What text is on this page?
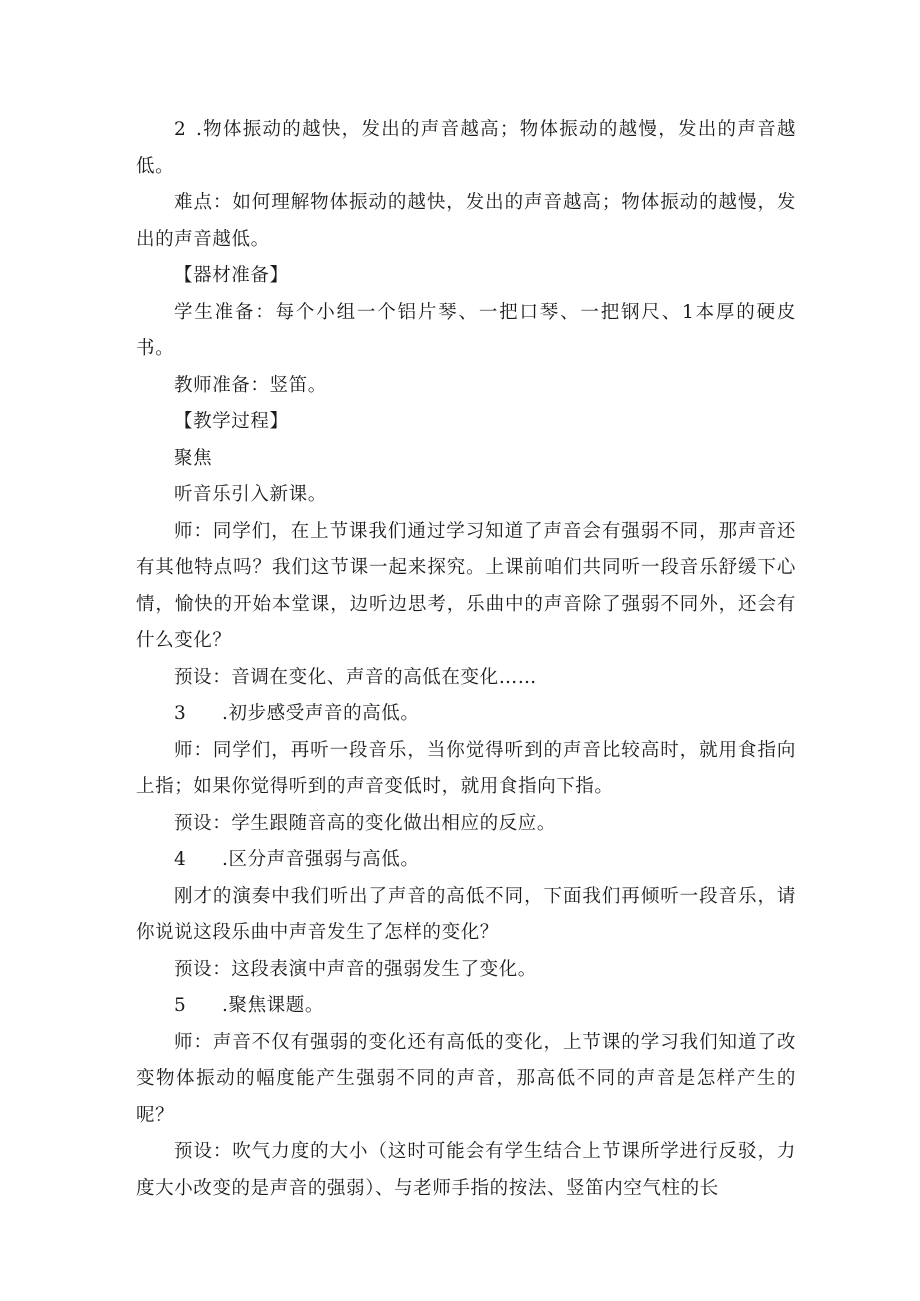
2 .物体振动的越快，发出的声音越高；物体振动的越慢，发出的声音越低。

难点：如何理解物体振动的越快，发出的声音越高；物体振动的越慢，发出的声音越低。

【器材准备】

学生准备：每个小组一个铝片琴、一把口琴、一把钢尺、1本厚的硬皮书。

教师准备：竖笛。

【教学过程】

聚焦

听音乐引入新课。

师：同学们，在上节课我们通过学习知道了声音会有强弱不同，那声音还有其他特点吗？我们这节课一起来探究。上课前咱们共同听一段音乐舒缓下心情，愉快的开始本堂课，边听边思考，乐曲中的声音除了强弱不同外，还会有什么变化？

预设：音调在变化、声音的高低在变化……

3 .初步感受声音的高低。

师：同学们，再听一段音乐，当你觉得听到的声音比较高时，就用食指向上指；如果你觉得听到的声音变低时，就用食指向下指。

预设：学生跟随音高的变化做出相应的反应。

4 .区分声音强弱与高低。

刚才的演奏中我们听出了声音的高低不同，下面我们再倾听一段音乐，请你说说这段乐曲中声音发生了怎样的变化？

预设：这段表演中声音的强弱发生了变化。

5 .聚焦课题。

师：声音不仅有强弱的变化还有高低的变化，上节课的学习我们知道了改变物体振动的幅度能产生强弱不同的声音，那高低不同的声音是怎样产生的呢？

预设：吹气力度的大小（这时可能会有学生结合上节课所学进行反驳，力度大小改变的是声音的强弱）、与老师手指的按法、竖笛内空气柱的长
